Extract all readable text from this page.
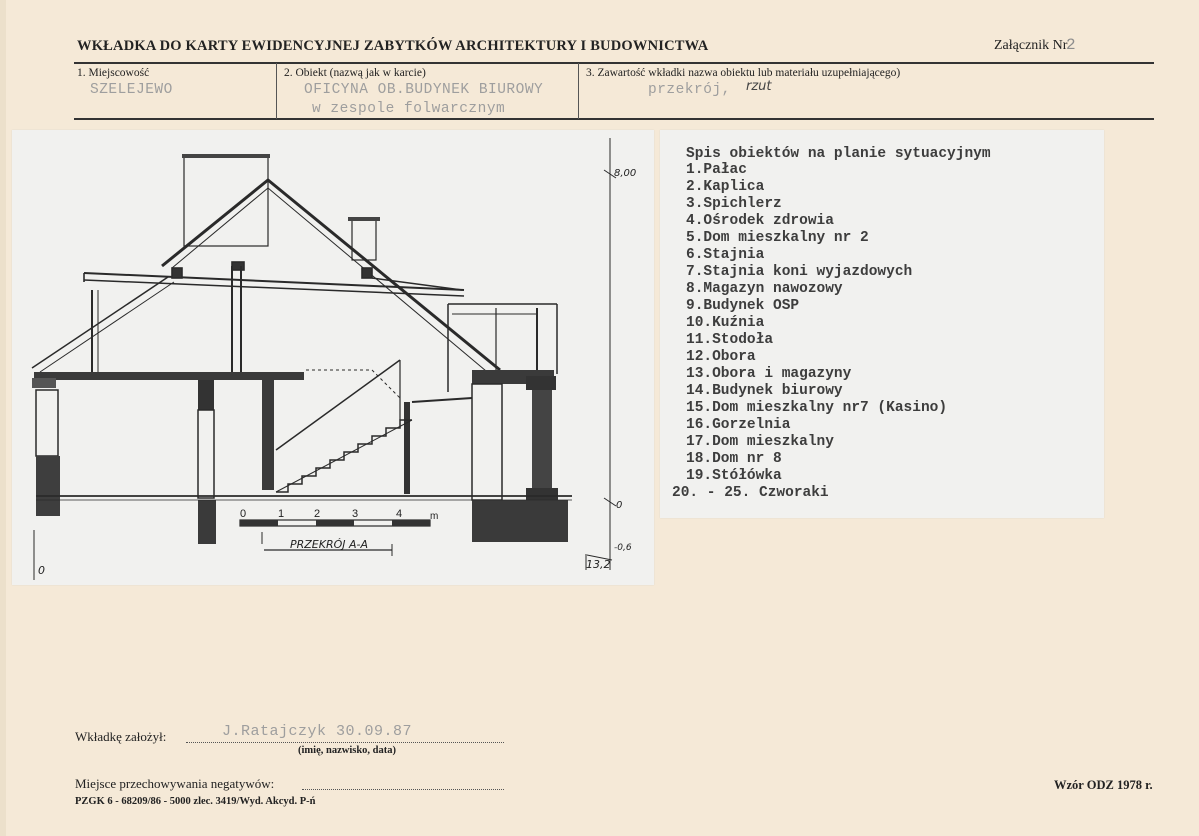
WKŁADKA DO KARTY EWIDENCYJNEJ ZABYTKÓW ARCHITEKTURY I BUDOWNICTWA	Załącznik Nr
2
1. Miejscowość
SZELEJEWO
2. Obiekt (nazwą jak w karcie)
OFICYNA OB.BUDYNEK BIUROWY
w zespole folwarcznym
3. Zawartość wkładki nazwa obiektu lub materiału uzupełniającego)
przekrój, rzut
0	1	2	3	4	m
PRZEKRÓJ A-A
8,00
0
-0,6
0	13,2
Spis obiektów na planie sytuacyjnym
1.Pałac
2.Kaplica
3.Spichlerz
4.Ośrodek zdrowia
5.Dom mieszkalny nr 2
6.Stajnia
7.Stajnia koni wyjazdowych
8.Magazyn nawozowy
9.Budynek OSP
10.Kuźnia
11.Stodoła
12.Obora
13.Obora i magazyny
14.Budynek biurowy
15.Dom mieszkalny nr7 (Kasino)
16.Gorzelnia
17.Dom mieszkalny
18.Dom nr 8
19.Stółówka
20. - 25. Czworaki
Wkładkę założył:	J.Ratajczyk 30.09.87
(imię, nazwisko, data)
Miejsce przechowywania negatywów:
PZGK 6 - 68209/86 - 5000 zlec. 3419/Wyd. Akcyd. P-ń
Wzór ODZ 1978 r.
